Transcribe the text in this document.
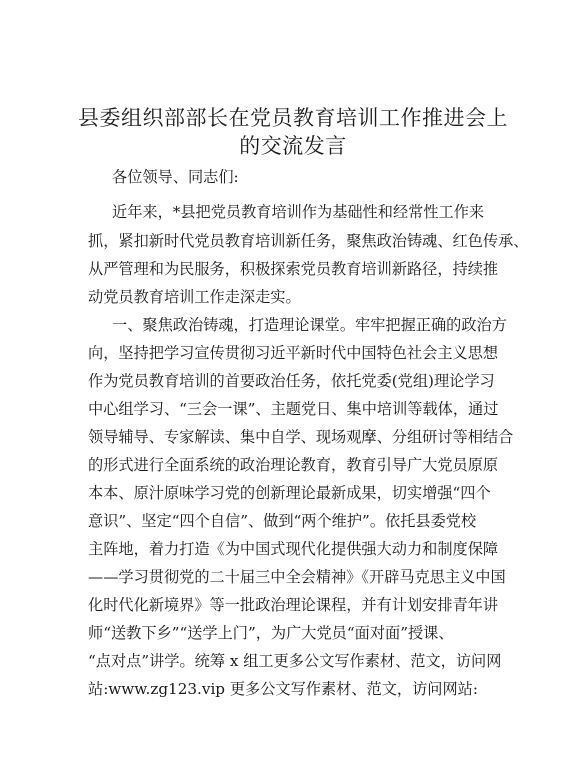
县委组织部部长在党员教育培训工作推进会上
的交流发言

各位领导、同志们:

近年来，*县把党员教育培训作为基础性和经常性工作来

抓，紧扣新时代党员教育培训新任务，聚焦政治铸魂、红色传承、

从严管理和为民服务，积极探索党员教育培训新路径，持续推

动党员教育培训工作走深走实。

一、聚焦政治铸魂，打造理论课堂。牢牢把握正确的政治方

向，坚持把学习宣传贯彻习近平新时代中国特色社会主义思想

作为党员教育培训的首要政治任务，依托党委(党组)理论学习

中心组学习、“三会一课”、主题党日、集中培训等载体，通过

领导辅导、专家解读、集中自学、现场观摩、分组研讨等相结合

的形式进行全面系统的政治理论教育，教育引导广大党员原原

本本、原汁原味学习党的创新理论最新成果，切实增强“四个

意识”、坚定“四个自信”、做到“两个维护”。依托县委党校

主阵地，着力打造《为中国式现代化提供强大动力和制度保障

——学习贯彻党的二十届三中全会精神》《开辟马克思主义中国

化时代化新境界》等一批政治理论课程，并有计划安排青年讲

师“送教下乡”“送学上门”，为广大党员“面对面”授课、

“点对点”讲学。统筹 x 组工更多公文写作素材、范文，访问网

站:www.zg123.vip 更多公文写作素材、范文，访问网站:
